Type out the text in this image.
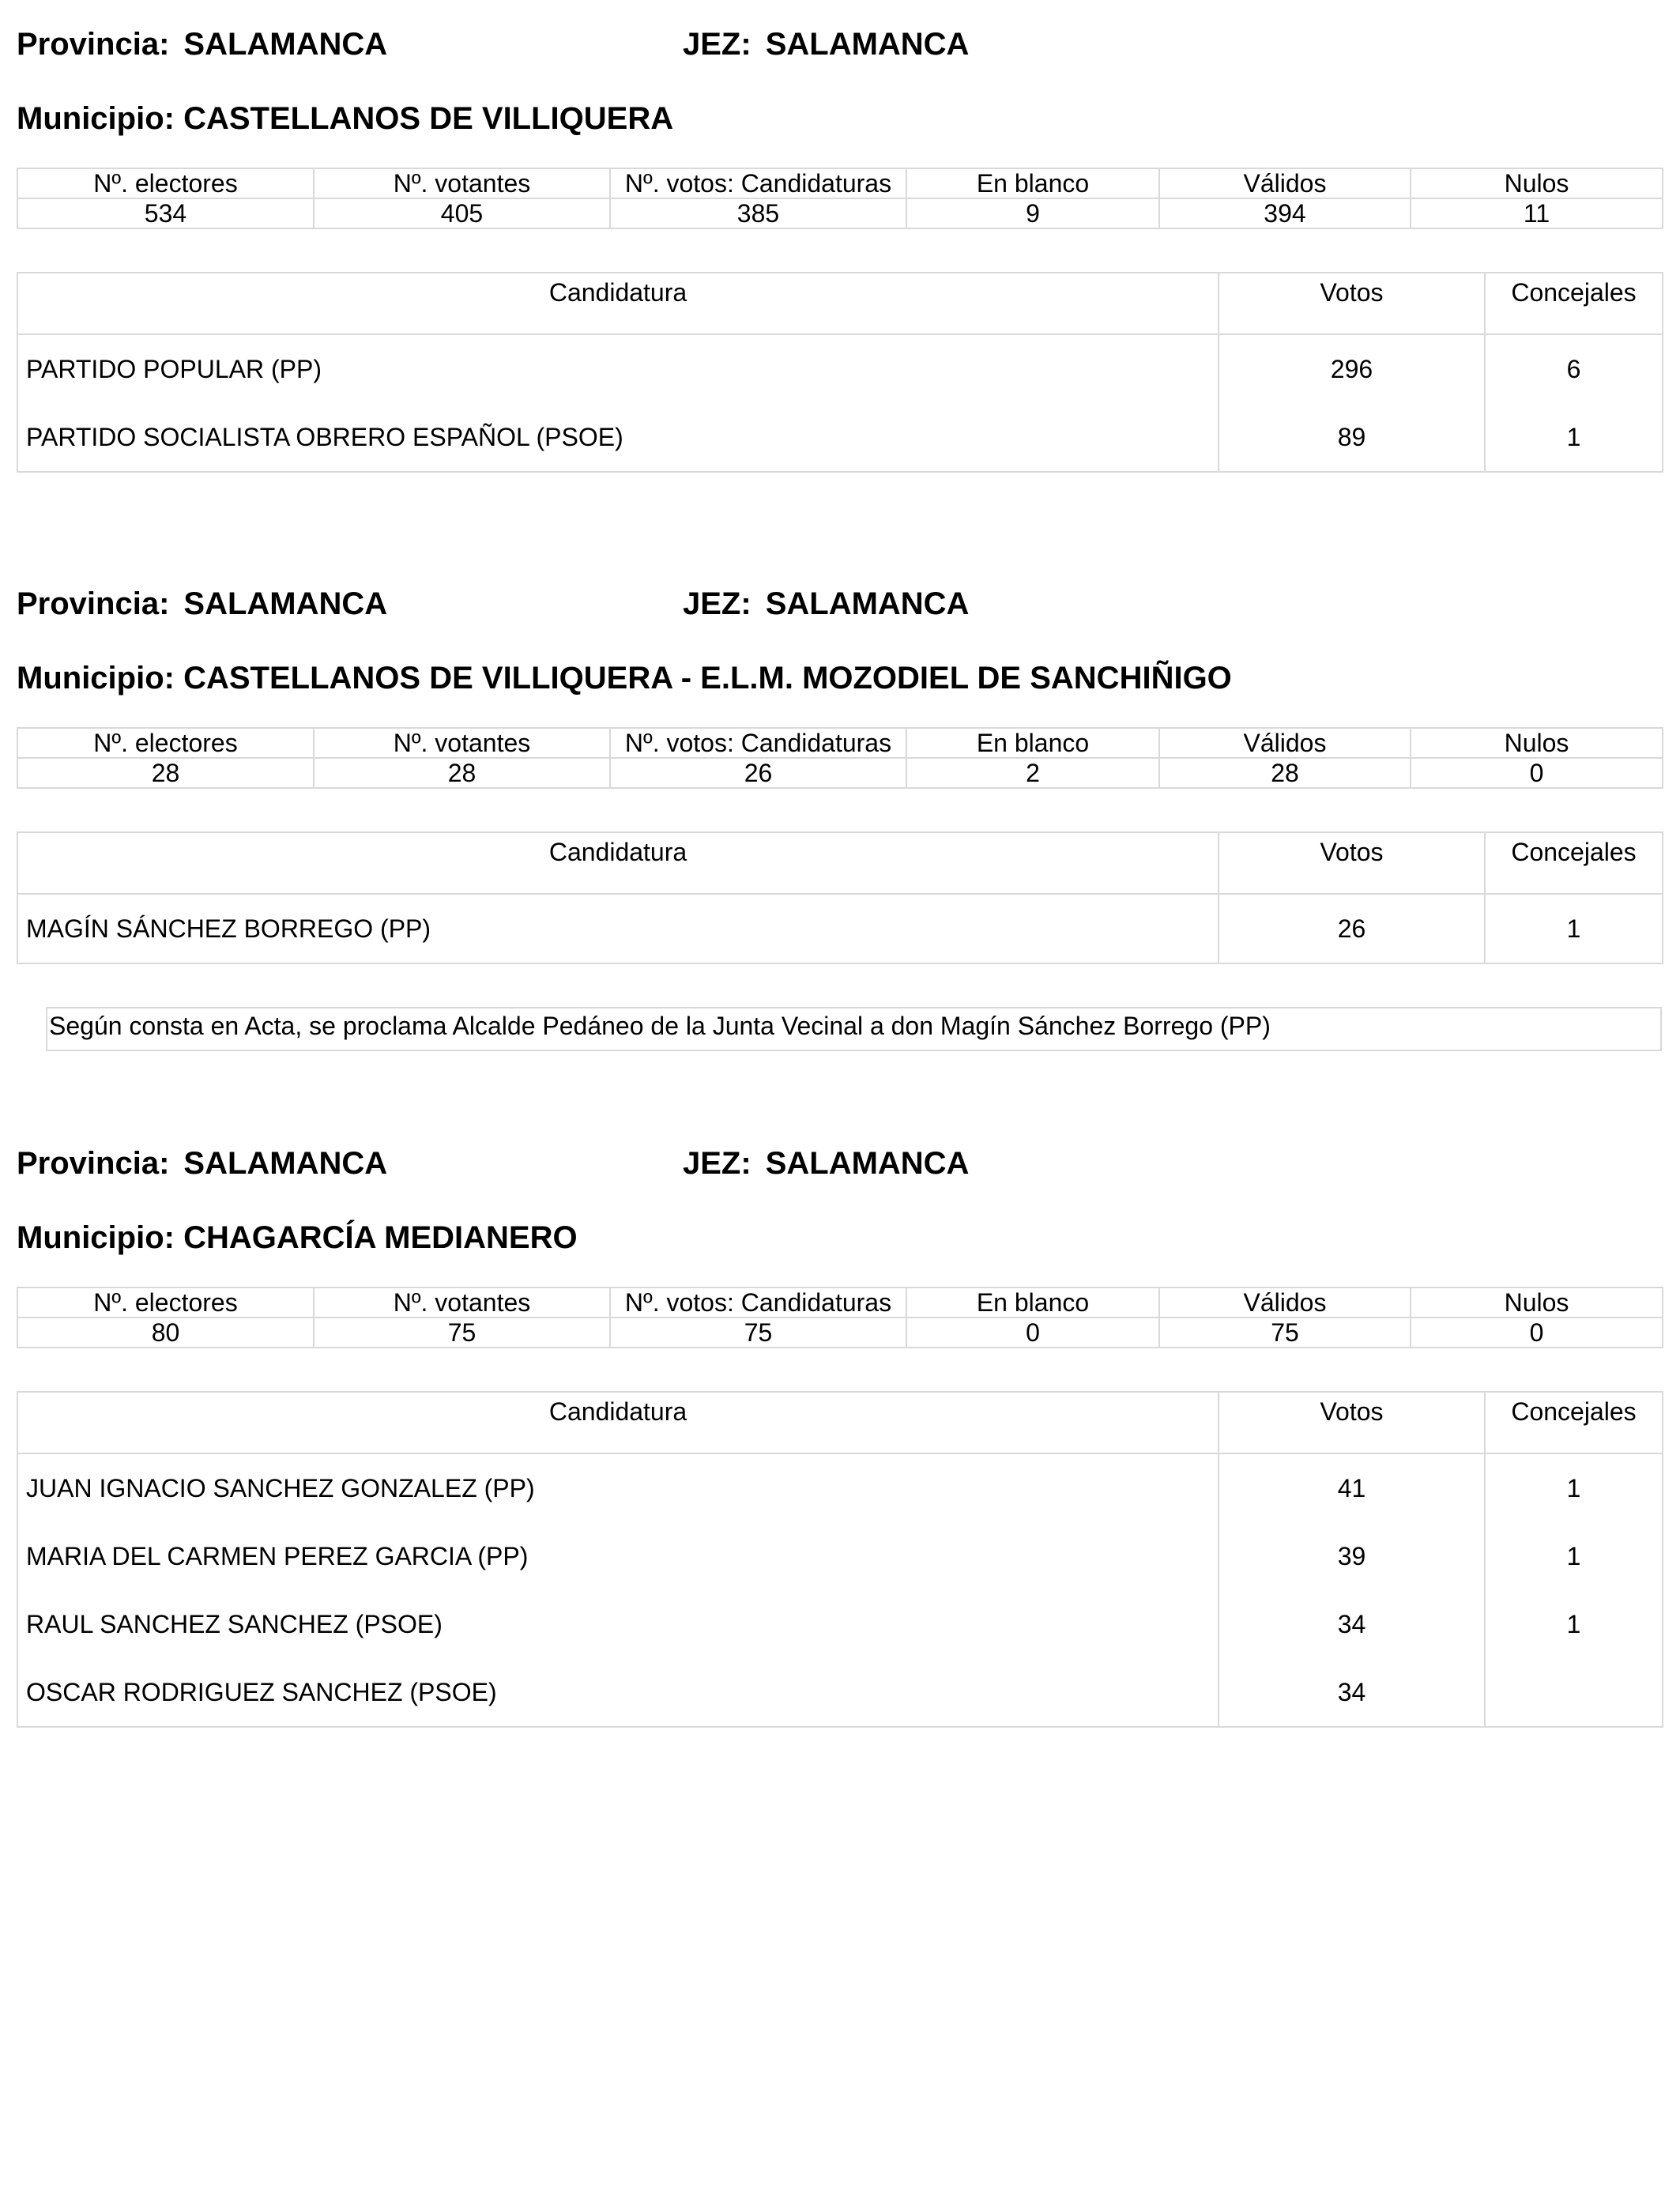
Provincia: SALAMANCA	JEZ: SALAMANCA
Municipio: CASTELLANOS DE VILLIQUERA
Nº. electores	Nº. votantes	Nº. votos: Candidaturas	En blanco	Válidos	Nulos
534	405	385	9	394	11
Candidatura	Votos	Concejales
PARTIDO POPULAR (PP)	296	6
PARTIDO SOCIALISTA OBRERO ESPAÑOL (PSOE)	89	1
Provincia: SALAMANCA	JEZ: SALAMANCA
Municipio: CASTELLANOS DE VILLIQUERA - E.L.M. MOZODIEL DE SANCHIÑIGO
Nº. electores	Nº. votantes	Nº. votos: Candidaturas	En blanco	Válidos	Nulos
28	28	26	2	28	0
Candidatura	Votos	Concejales
MAGÍN SÁNCHEZ BORREGO (PP)	26	1
Según consta en Acta, se proclama Alcalde Pedáneo de la Junta Vecinal a don Magín Sánchez Borrego (PP)
Provincia: SALAMANCA	JEZ: SALAMANCA
Municipio: CHAGARCÍA MEDIANERO
Nº. electores	Nº. votantes	Nº. votos: Candidaturas	En blanco	Válidos	Nulos
80	75	75	0	75	0
Candidatura	Votos	Concejales
JUAN IGNACIO SANCHEZ GONZALEZ (PP)	41	1
MARIA DEL CARMEN PEREZ GARCIA (PP)	39	1
RAUL SANCHEZ SANCHEZ (PSOE)	34	1
OSCAR RODRIGUEZ SANCHEZ (PSOE)	34	
